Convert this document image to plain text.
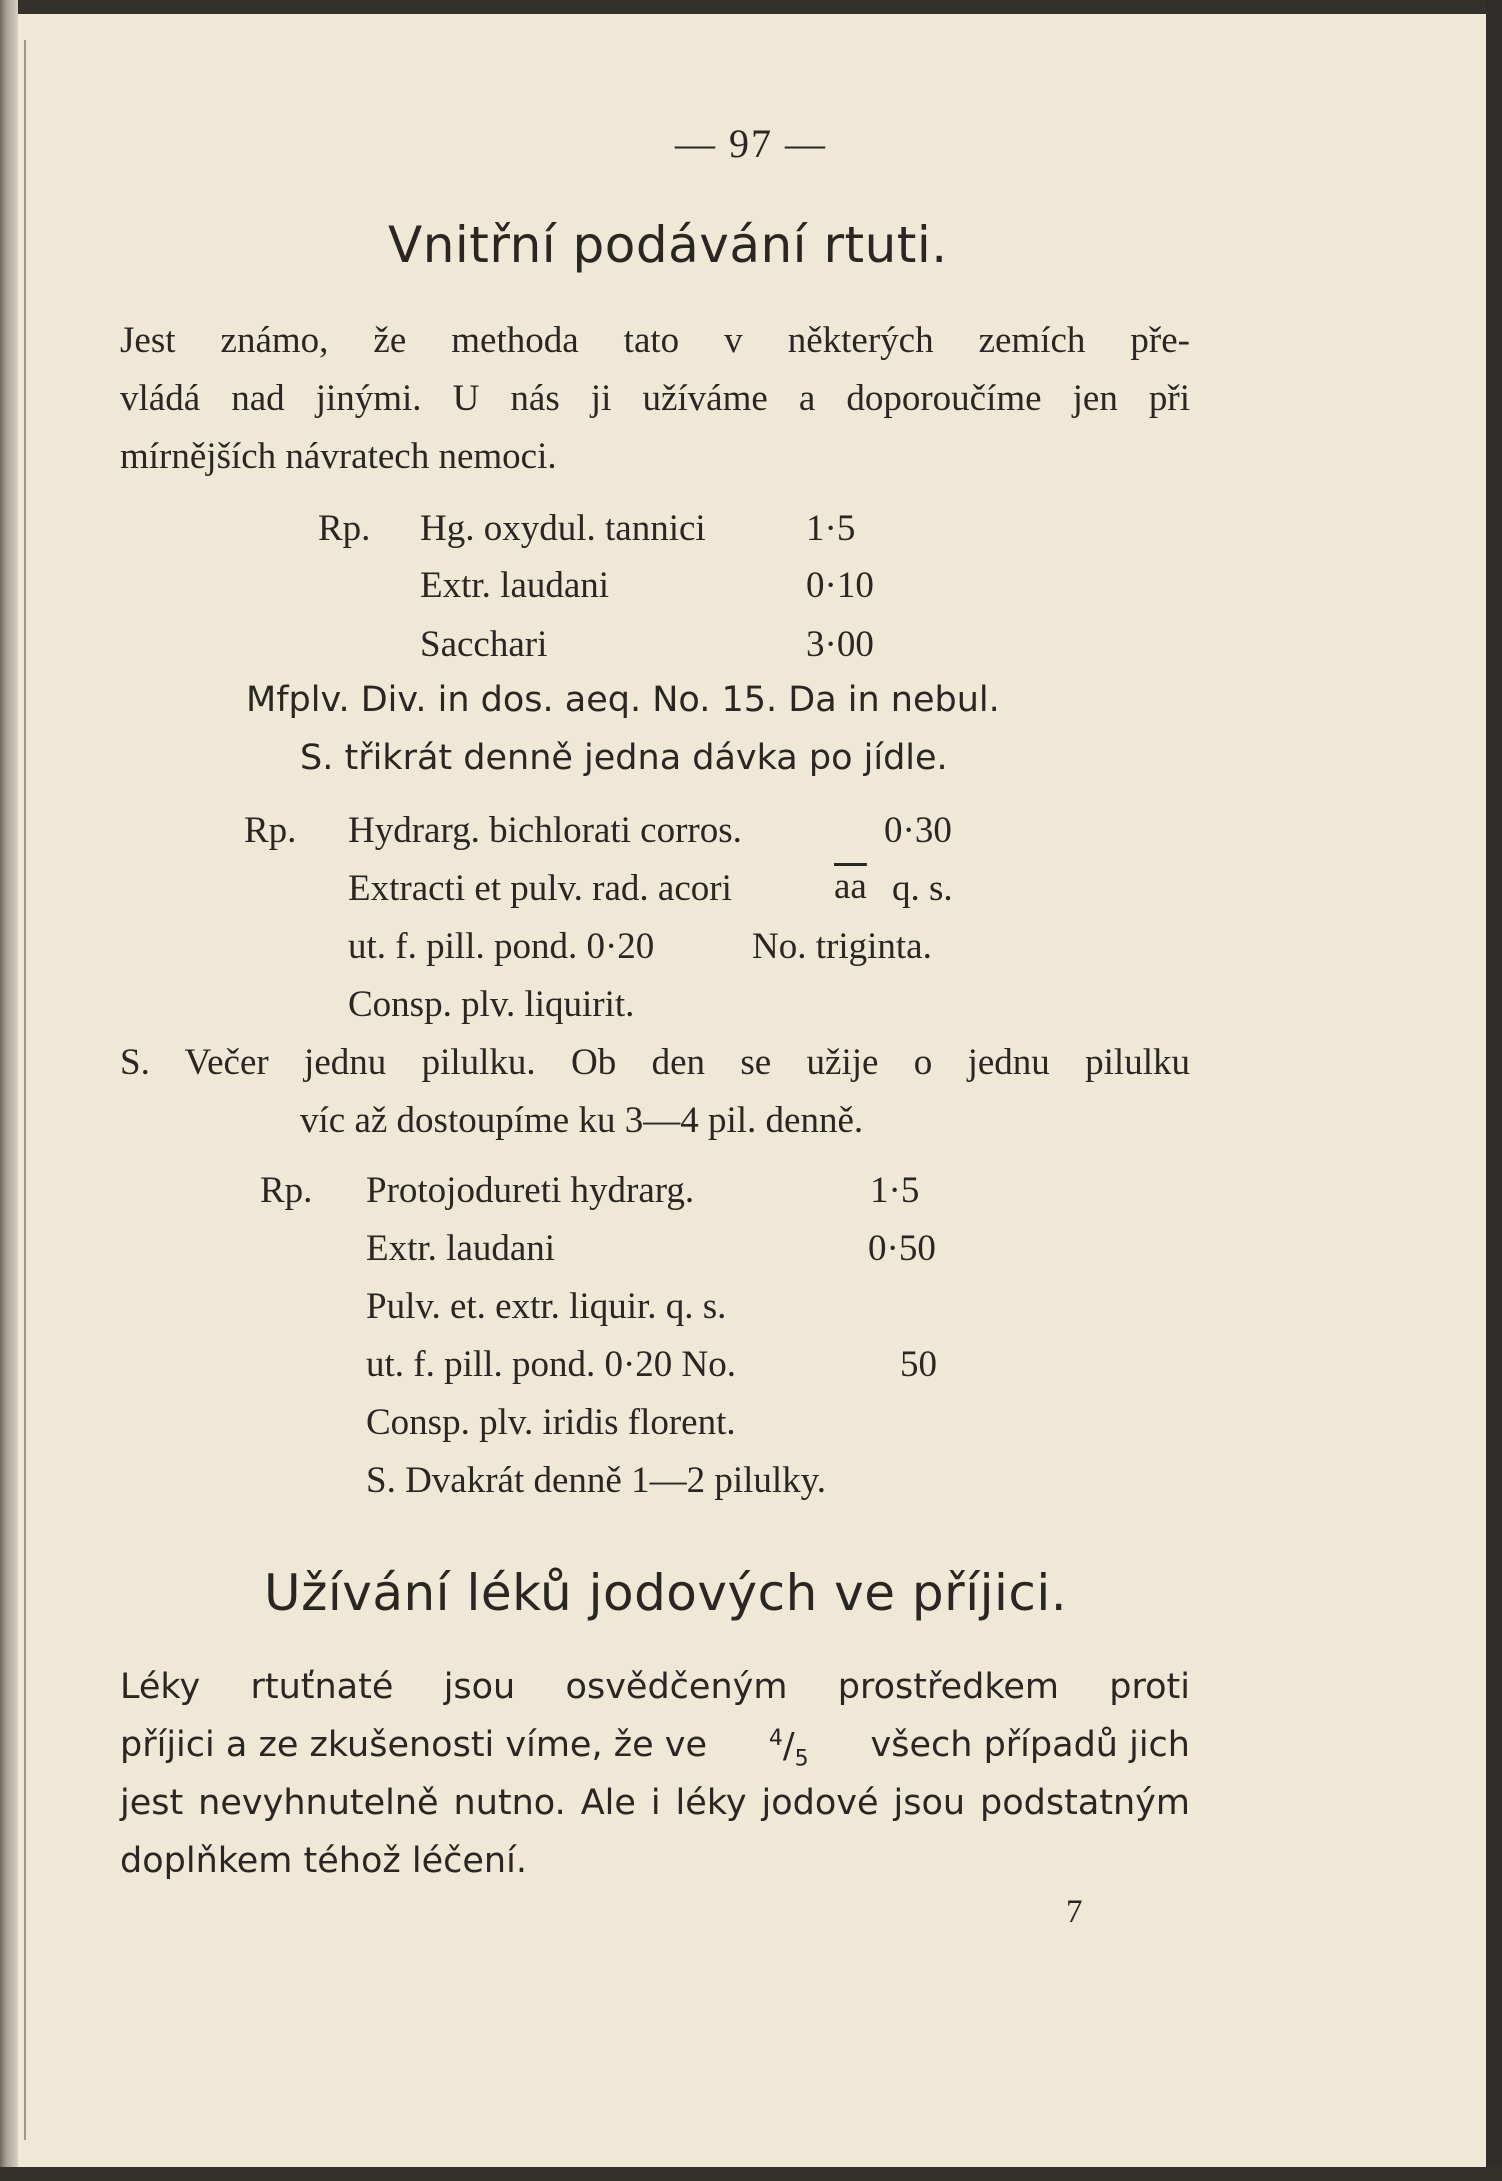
— 97 —
Vnitřní podávání rtuti.
Jest známo, že methoda tato v některých zemích pře-
vládá nad jinými. U nás ji užíváme a doporoučíme jen při
mírnějších návratech nemoci.
Rp. Hg. oxydul. tannici	1·5
Extr. laudani	0·10
Sacchari	3·00
Mfplv. Div. in dos. aeq. No. 15. Da in nebul.
S. třikrát denně jedna dávka po jídle.
Rp. Hydrarg. bichlorati corros.	0·30
Extracti et pulv. rad. acori	$\overline{aa}$ q. s.
ut. f. pill. pond. 0·20	No. triginta.
Consp. plv. liquirit.
S. Večer jednu pilulku. Ob den se užije o jednu pilulku
víc až dostoupíme ku 3—4 pil. denně.
Rp. Protojodureti hydrarg.	1·5
Extr. laudani	0·50
Pulv. et. extr. liquir. q. s.
ut. f. pill. pond. 0·20 No.	50
Consp. plv. iridis florent.
S. Dvakrát denně 1—2 pilulky.
Užívání léků jodových ve příjici.
Léky rtuťnaté jsou osvědčeným prostředkem proti
příjici a ze zkušenosti víme, že ve	$^4/_5$ všech případů jich
jest nevyhnutelně nutno. Ale i léky jodové jsou podstatným
doplňkem téhož léčení.
7
